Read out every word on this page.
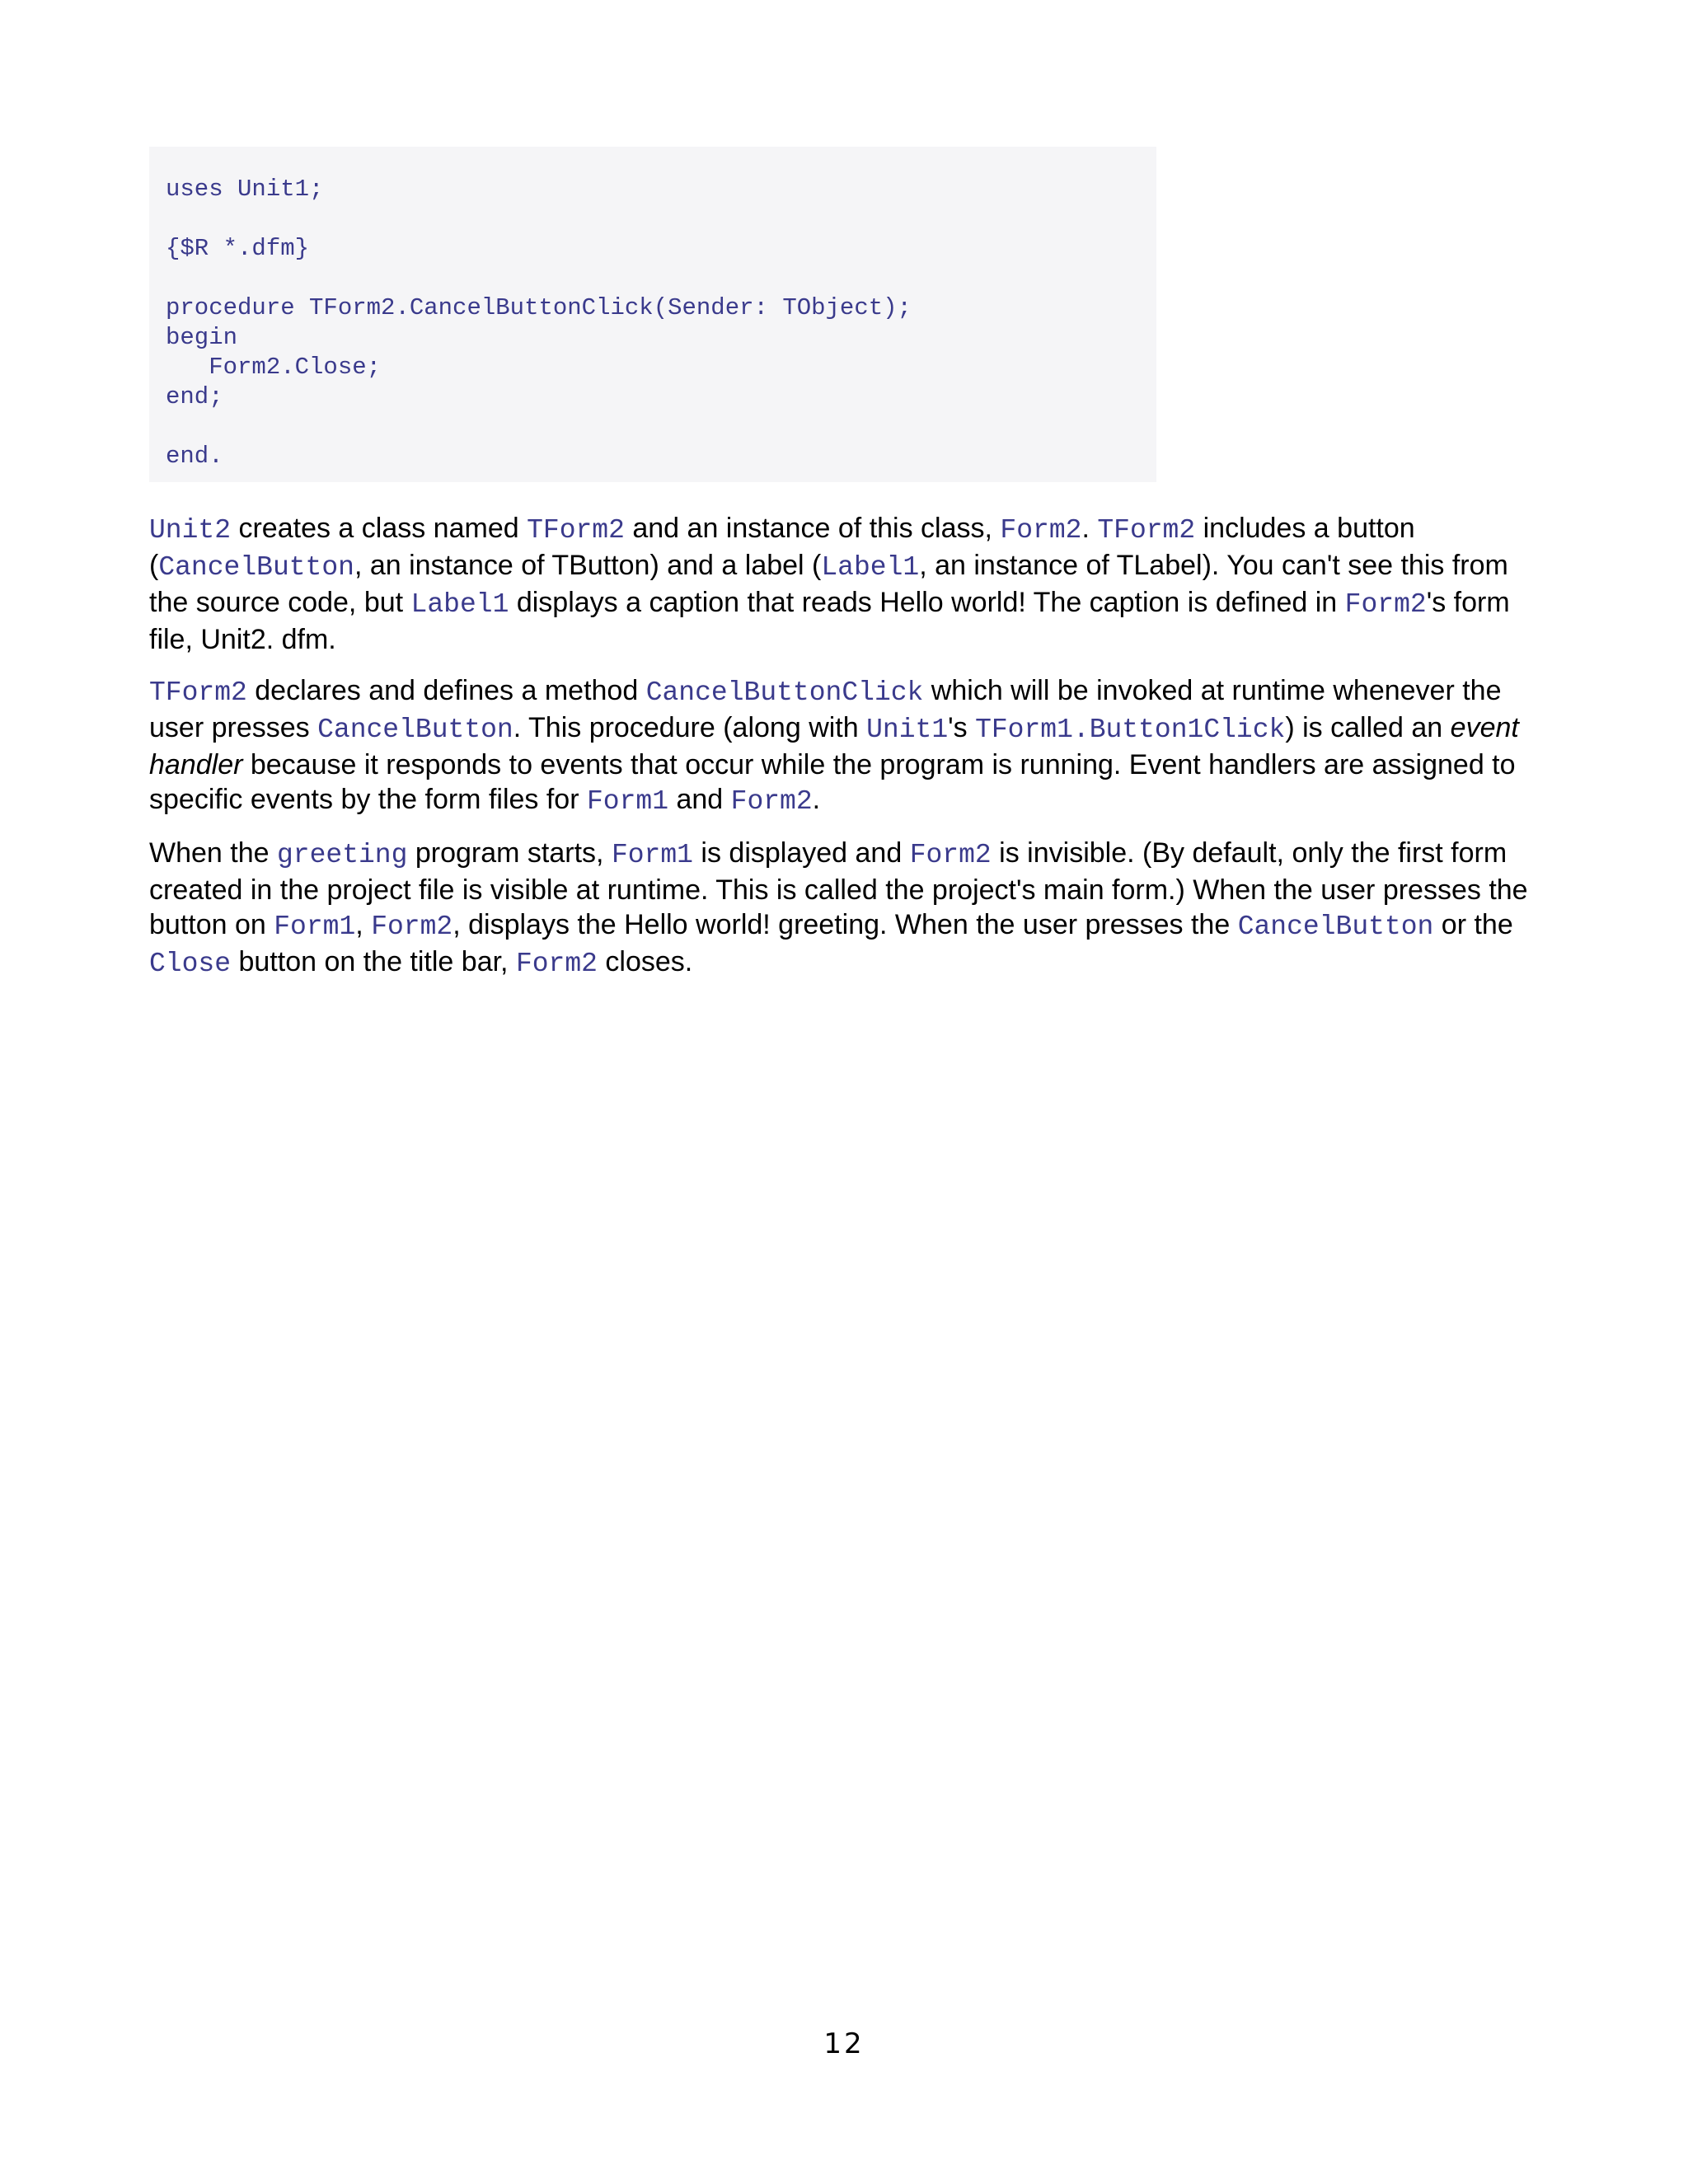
uses Unit1;
{$R *.dfm}
procedure TForm2.CancelButtonClick(Sender: TObject);
begin
Form2.Close;
end;
end.

Unit2 creates a class named TForm2 and an instance of this class, Form2. TForm2 includes a button (CancelButton, an instance of TButton) and a label (Label1, an instance of TLabel). You can't see this from the source code, but Label1 displays a caption that reads Hello world! The caption is defined in Form2's form file, Unit2. dfm.

TForm2 declares and defines a method CancelButtonClick which will be invoked at runtime whenever the user presses CancelButton. This procedure (along with Unit1's TForm1.Button1Click) is called an event handler because it responds to events that occur while the program is running. Event handlers are assigned to specific events by the form files for Form1 and Form2.

When the greeting program starts, Form1 is displayed and Form2 is invisible. (By default, only the first form created in the project file is visible at runtime. This is called the project's main form.) When the user presses the button on Form1, Form2, displays the Hello world! greeting. When the user presses the CancelButton or the Close button on the title bar, Form2 closes.

12
